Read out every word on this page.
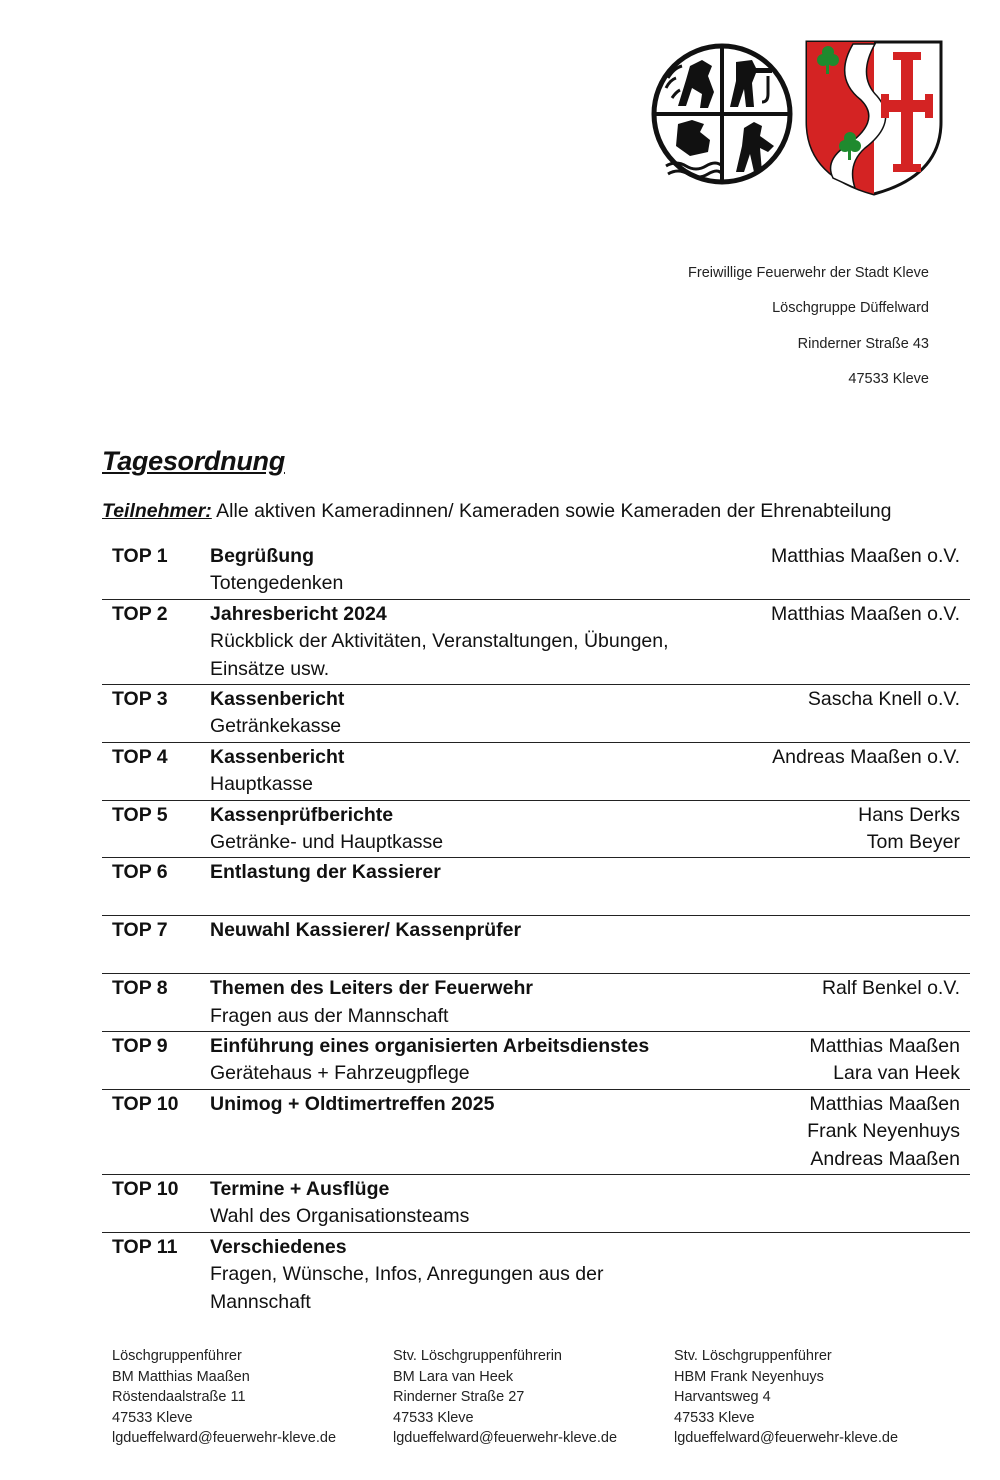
Freiwillige Feuerwehr der Stadt Kleve
Löschgruppe Düffelward
Rinderner Straße 43
47533 Kleve
Tagesordnung
Teilnehmer: Alle aktiven Kameradinnen/ Kameraden sowie Kameraden der Ehrenabteilung
TOP 1 Begrüßung
Totengedenken
Matthias Maaßen o.V.
TOP 2 Jahresbericht 2024
Rückblick der Aktivitäten, Veranstaltungen, Übungen,
Einsätze usw.
Matthias Maaßen o.V.
TOP 3 Kassenbericht
Getränkekasse
Sascha Knell o.V.
TOP 4 Kassenbericht
Hauptkasse
Andreas Maaßen o.V.
TOP 5 Kassenprüfberichte
Getränke- und Hauptkasse
Hans Derks
Tom Beyer
TOP 6 Entlastung der Kassierer

TOP 7 Neuwahl Kassierer/ Kassenprüfer

TOP 8 Themen des Leiters der Feuerwehr
Fragen aus der Mannschaft
Ralf Benkel o.V.
TOP 9 Einführung eines organisierten Arbeitsdienstes
Gerätehaus + Fahrzeugpflege
Matthias Maaßen
Lara van Heek
TOP 10 Unimog + Oldtimertreffen 2025	Matthias Maaßen
Frank Neyenhuys
Andreas Maaßen
TOP 10 Termine + Ausflüge
Wahl des Organisationsteams
TOP 11 Verschiedenes
Fragen, Wünsche, Infos, Anregungen aus der
Mannschaft
Löschgruppenführer
BM Matthias Maaßen
Röstendaalstraße 11
47533 Kleve
lgdueffelward@feuerwehr-kleve.de
Stv. Löschgruppenführerin
BM Lara van Heek
Rinderner Straße 27
47533 Kleve
lgdueffelward@feuerwehr-kleve.de
Stv. Löschgruppenführer
HBM Frank Neyenhuys
Harvantsweg 4
47533 Kleve
lgdueffelward@feuerwehr-kleve.de
